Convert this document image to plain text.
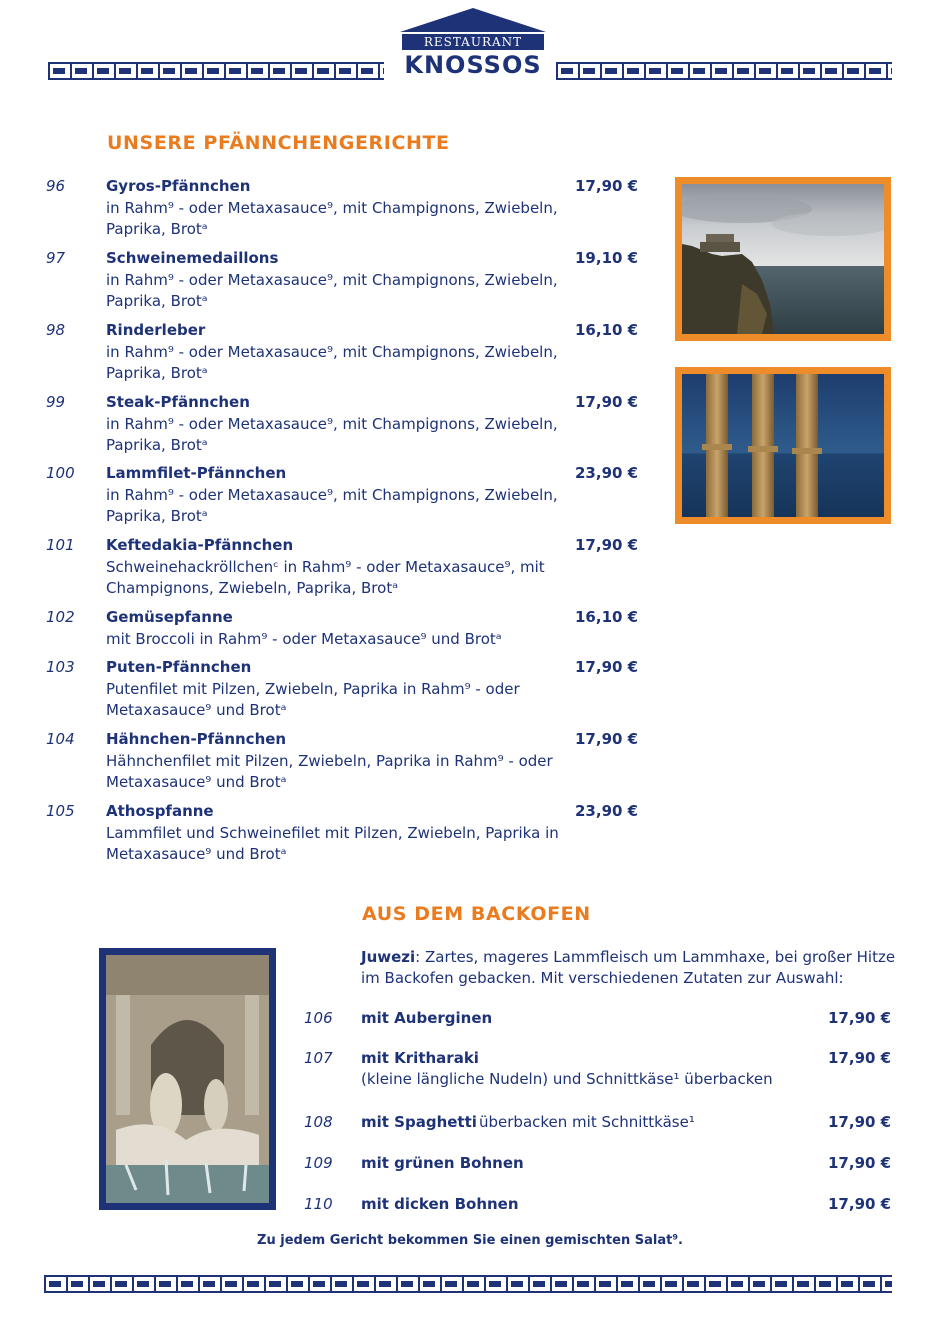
RESTAURANT
KNOSSOS
UNSERE PFÄNNCHENGERICHTE
96	Gyros-Pfännchen
in Rahm⁹ - oder Metaxasauce⁹, mit Champignons, Zwiebeln, Paprika, Brotᵃ
17,90 €
97	Schweinemedaillons
in Rahm⁹ - oder Metaxasauce⁹, mit Champignons, Zwiebeln, Paprika, Brotᵃ
19,10 €
98	Rinderleber
in Rahm⁹ - oder Metaxasauce⁹, mit Champignons, Zwiebeln, Paprika, Brotᵃ
16,10 €
99	Steak-Pfännchen
in Rahm⁹ - oder Metaxasauce⁹, mit Champignons, Zwiebeln, Paprika, Brotᵃ
17,90 €
100 Lammfilet-Pfännchen
in Rahm⁹ - oder Metaxasauce⁹, mit Champignons, Zwiebeln, Paprika, Brotᵃ
23,90 €
101 Keftedakia-Pfännchen
Schweinehackröllchenᶜ in Rahm⁹ - oder Metaxasauce⁹, mit Champignons, Zwiebeln, Paprika, Brotᵃ
17,90 €
102 Gemüsepfanne
mit Broccoli in Rahm⁹ - oder Metaxasauce⁹ und Brotᵃ
16,10 €
103 Puten-Pfännchen
Putenfilet mit Pilzen, Zwiebeln, Paprika in Rahm⁹ - oder Metaxasauce⁹ und Brotᵃ
17,90 €
104 Hähnchen-Pfännchen
Hähnchenfilet mit Pilzen, Zwiebeln, Paprika in Rahm⁹ - oder Metaxasauce⁹ und Brotᵃ
17,90 €
105 Athospfanne
Lammfilet und Schweinefilet mit Pilzen, Zwiebeln, Paprika in Metaxasauce⁹ und Brotᵃ
23,90 €
AUS DEM BACKOFEN
Juwezi: Zartes, mageres Lammfleisch um Lammhaxe, bei großer Hitze im Backofen gebacken. Mit verschiedenen Zutaten zur Auswahl:
106 mit Auberginen	17,90 €
107 mit Kritharaki
(kleine längliche Nudeln) und Schnittkäse¹ überbacken
17,90 €
108 mit Spaghetti überbacken mit Schnittkäse¹	17,90 €
109 mit grünen Bohnen	17,90 €
110 mit dicken Bohnen	17,90 €
Zu jedem Gericht bekommen Sie einen gemischten Salat⁹.
